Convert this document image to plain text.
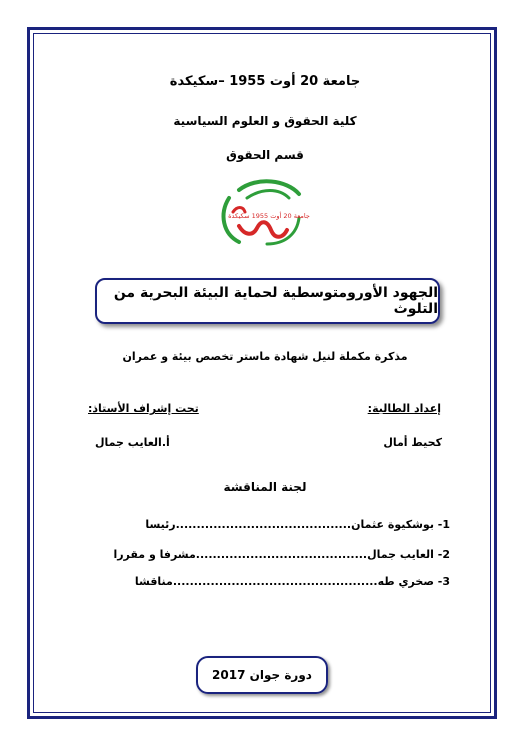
جامعة 20 أوت 1955 –سكيكدة
كلية الحقوق و العلوم السياسية
قسم الحقوق
جامعة 20 أوت 1955 سكيكدة
الجهود الأورومتوسطية لحماية البيئة البحرية من التلوث
مذكرة مكملة لنيل شهادة ماستر تخصص بيئة و عمران
إعداد الطالبة:
تحت إشراف الأستاذ:
كحيط أمال
أ.العايب جمال
لجنة المناقشة
1- بوشكيوة عثمان..........................................رئيسا
2- العايب جمال.........................................مشرفا و مقررا
3- صخري طه.................................................مناقشا
دورة جوان 2017
